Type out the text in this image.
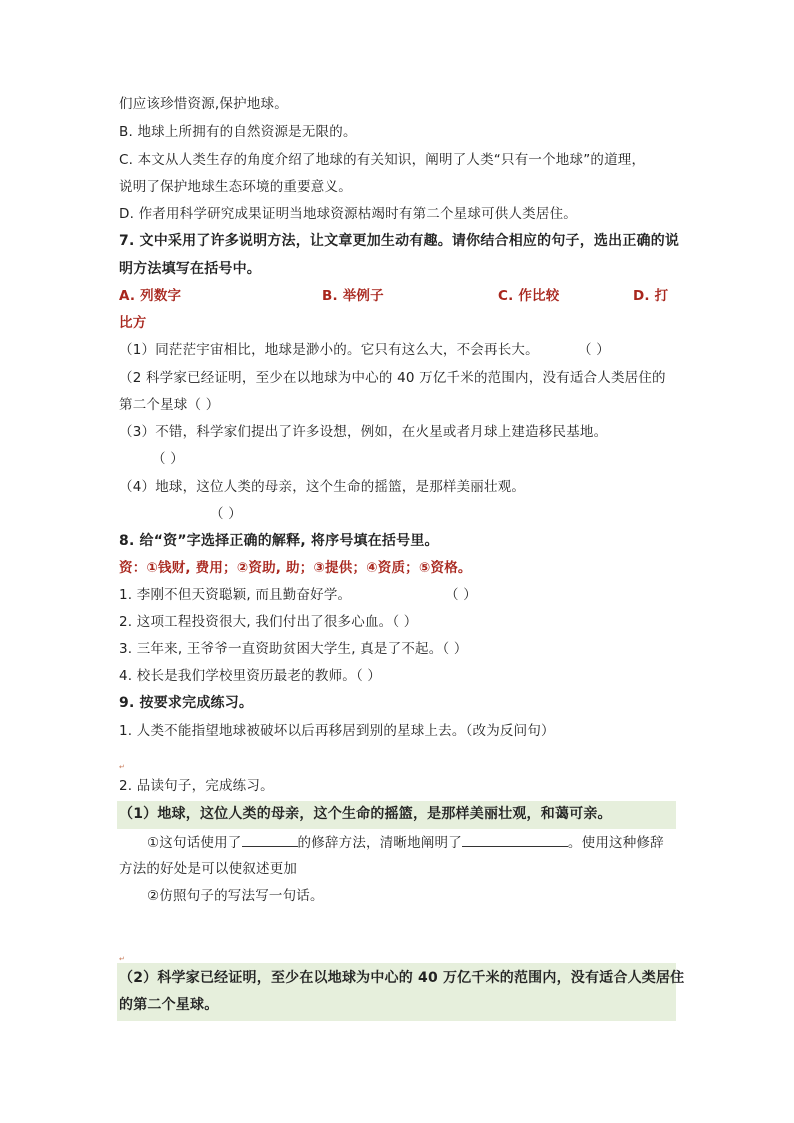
们应该珍惜资源,保护地球。
B. 地球上所拥有的自然资源是无限的。
C. 本文从人类生存的角度介绍了地球的有关知识，阐明了人类“只有一个地球”的道理，
说明了保护地球生态环境的重要意义。
D. 作者用科学研究成果证明当地球资源枯竭时有第二个星球可供人类居住。
7. 文中采用了许多说明方法，让文章更加生动有趣。请你结合相应的句子，选出正确的说
明方法填写在括号中。
A. 列数字	B. 举例子	C. 作比较	D. 打
比方
（1）同茫茫宇宙相比，地球是渺小的。它只有这么大，不会再长大。	（ ）
（2 科学家已经证明，至少在以地球为中心的 40 万亿千米的范围内，没有适合人类居住的
第二个星球（ ）
（3）不错，科学家们提出了许多设想，例如，在火星或者月球上建造移民基地。
（ ）
（4）地球，这位人类的母亲，这个生命的摇篮，是那样美丽壮观。
（ ）
8. 给“资”字选择正确的解释, 将序号填在括号里。
资：①钱财, 费用；②资助, 助；③提供；④资质；⑤资格。
1. 李刚不但天资聪颖, 而且勤奋好学。	（ ）
2. 这项工程投资很大, 我们付出了很多心血。（ ）
3. 三年来, 王爷爷一直资助贫困大学生, 真是了不起。（ ）
4. 校长是我们学校里资历最老的教师。（ ）
9. 按要求完成练习。
1. 人类不能指望地球被破坏以后再移居到别的星球上去。（改为反问句）
↵
2. 品读句子，完成练习。
（1）地球，这位人类的母亲，这个生命的摇篮，是那样美丽壮观，和蔼可亲。
①这句话使用了	的修辞方法，清晰地阐明了	。使用这种修辞
方法的好处是可以使叙述更加
②仿照句子的写法写一句话。
↵
（2）科学家已经证明，至少在以地球为中心的 40 万亿千米的范围内，没有适合人类居住
的第二个星球。
